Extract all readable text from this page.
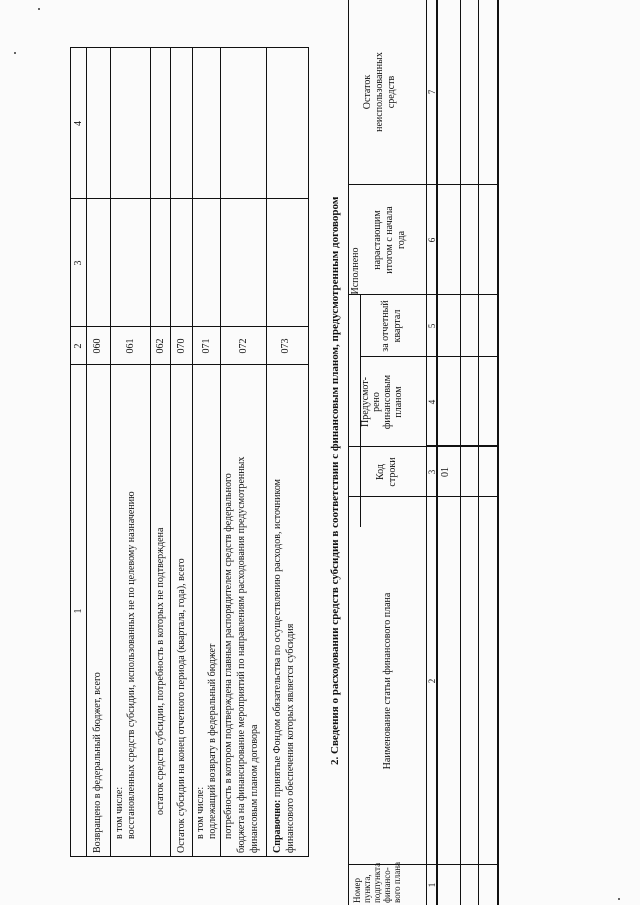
1
2
3
4
Возвращено в федеральный бюджет, всего
060
в том числе: восстановленных средств субсидии, использованных не по целевому назначению
061
остаток средств субсидии, потребность в которых не подтверждена
062
Остаток субсидии на конец отчетного периода (квартала, года), всего
070
в том числе: подлежащий возврату в федеральный бюджет
071
потребность в котором подтверждена главным распорядителем средств федерального бюджета на финансирование мероприятий по направлениям расходования предусмотренных финансовым планом договора
072
Справочно: принятые Фондом обязательства по осуществлению расходов, источником финансового обеспечения которых является субсидия
073	2. Сведения о расходовании средств субсидии в соответствии с финансовым планом, предусмотренным договором
Номер пункта, подпункта финансо- вого плана
Наименование статьи финансового плана
Код строки
Предусмот- рено финансовым планом
Исполнено
за отчетный квартал
нарастающим итогом с начала года
Остаток неиспользованных средств
1
2
3
4
5
6
7
01
